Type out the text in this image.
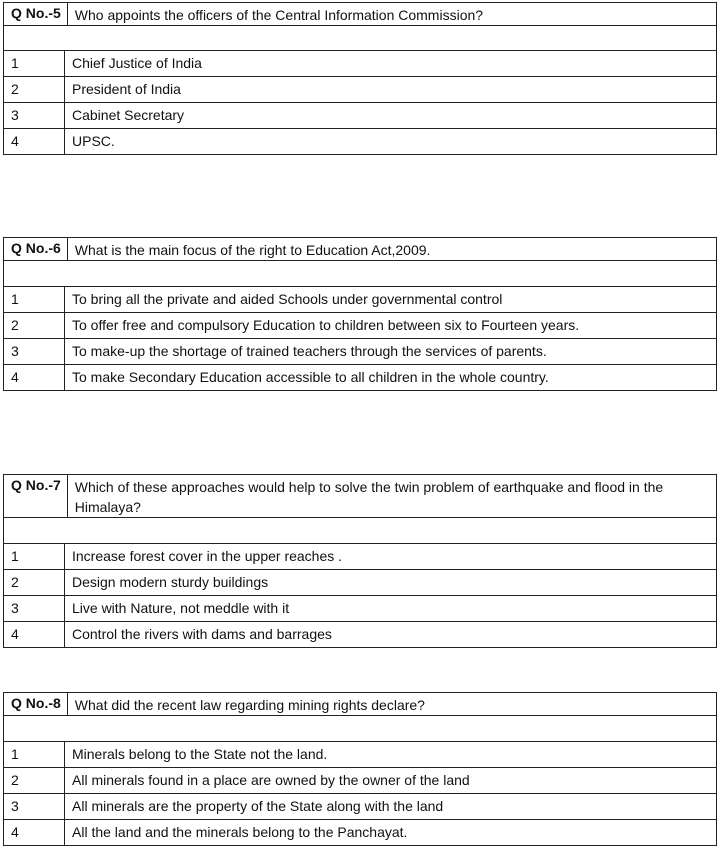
Q No.-5	Who appoints the officers of the Central Information Commission?
1	Chief Justice of India
2	President of India
3	Cabinet Secretary
4	UPSC.
Q No.-6	What is the main focus of the right to Education Act,2009.
1	To bring all the private and aided Schools under governmental control
2	To offer free and compulsory Education to children between six to Fourteen years.
3	To make-up the shortage of trained teachers through the services of parents.
4	To make Secondary Education accessible to all children in the whole country.
Q No.-7	Which of these approaches would help to solve the twin problem of earthquake and flood in the Himalaya?
1	Increase forest cover in the upper reaches .
2	Design modern sturdy buildings
3	Live with Nature, not meddle with it
4	Control the rivers with dams and barrages
Q No.-8	What did the recent law regarding mining rights declare?
1	Minerals belong to the State not the land.
2	All minerals found in a place are owned by the owner of the land
3	All minerals are the property of the State along with the land
4	All the land and the minerals belong to the Panchayat.
